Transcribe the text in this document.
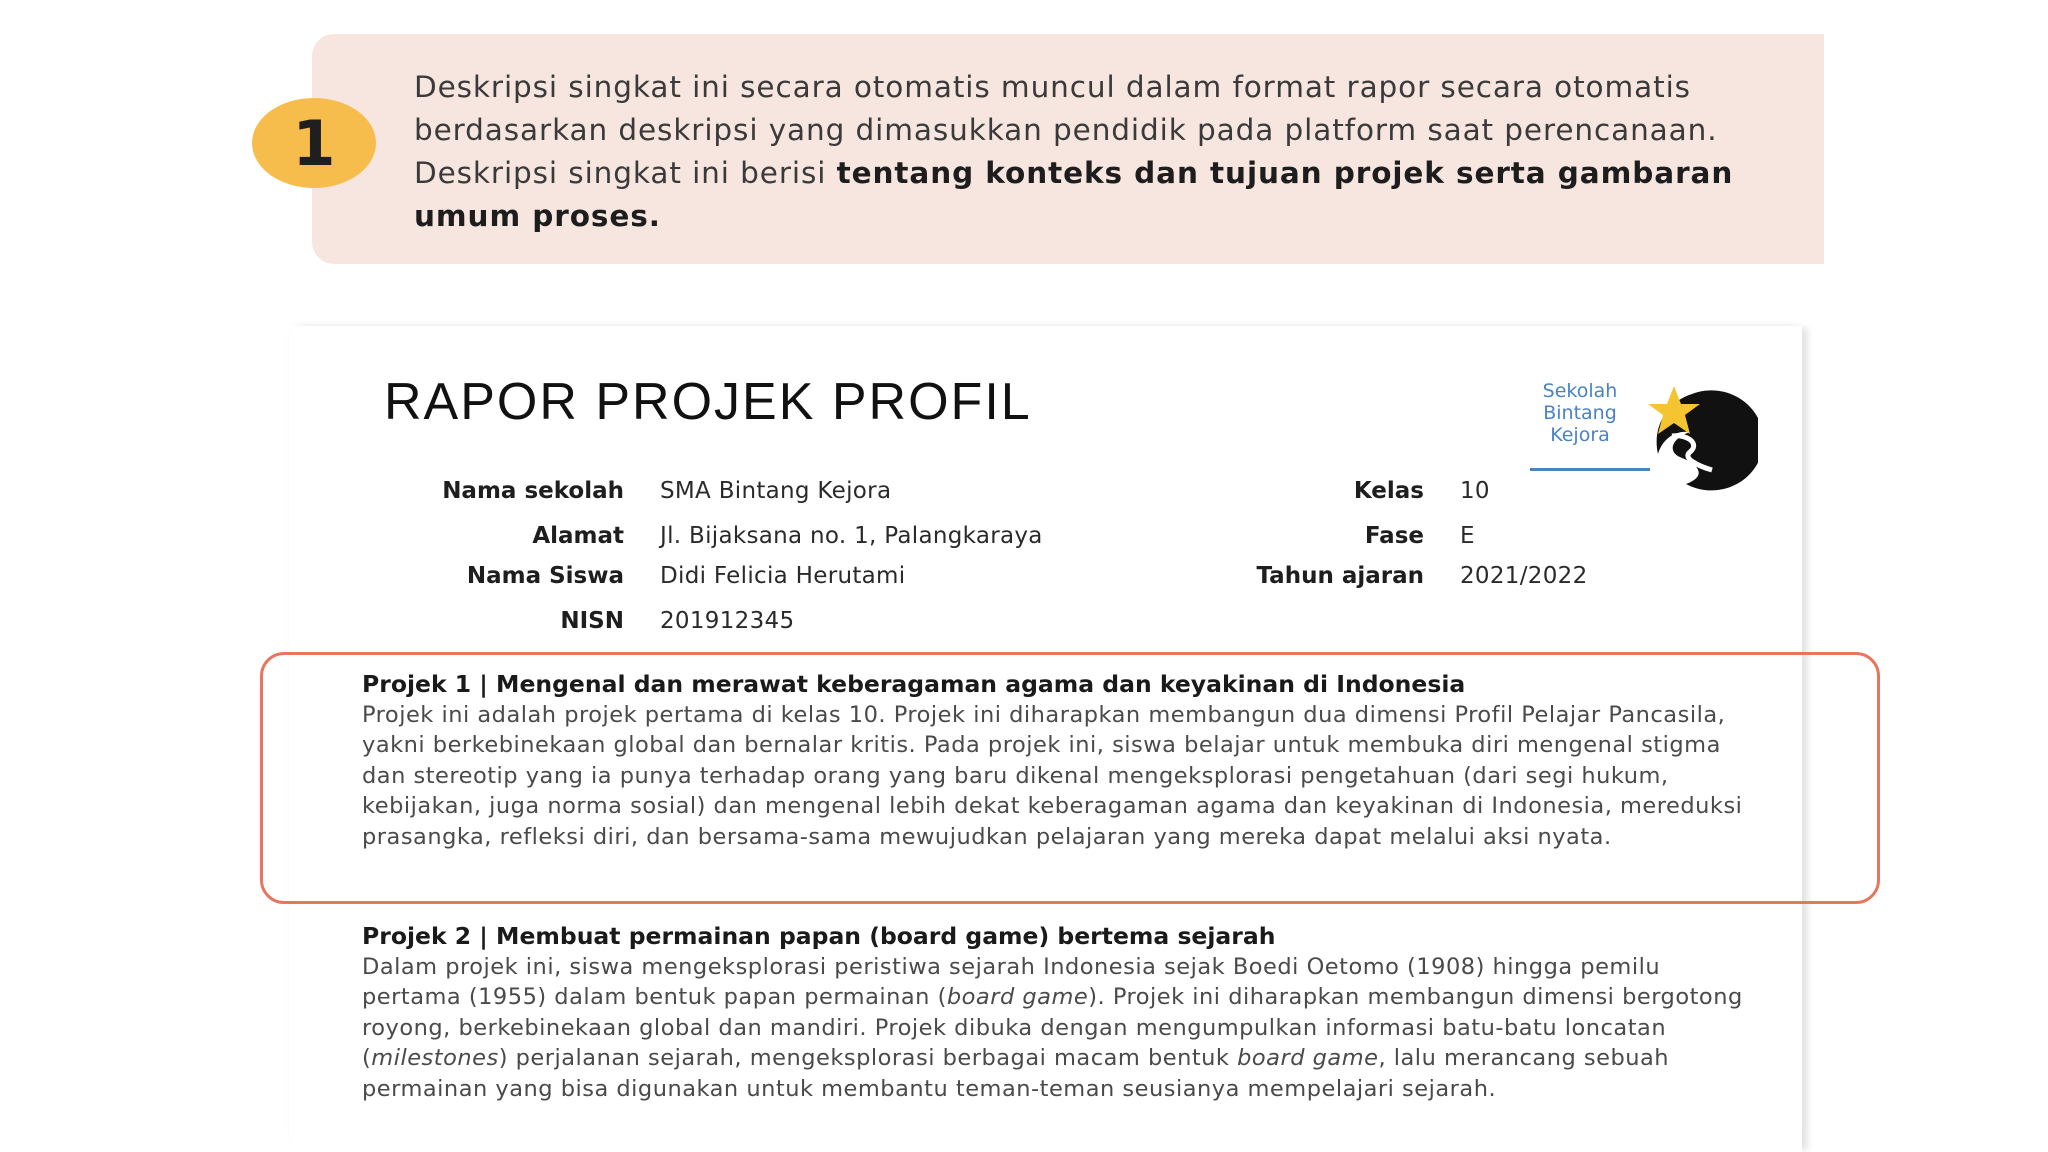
1
Deskripsi singkat ini secara otomatis muncul dalam format rapor secara otomatis berdasarkan deskripsi yang dimasukkan pendidik pada platform saat perencanaan. Deskripsi singkat ini berisi tentang konteks dan tujuan projek serta gambaran umum proses.
RAPOR PROJEK PROFIL	Sekolah
Bintang
Kejora
Nama sekolah SMA Bintang Kejora
Alamat Jl. Bijaksana no. 1, Palangkaraya
Nama Siswa Didi Felicia Herutami
NISN 201912345
Kelas 10
Fase E
Tahun ajaran 2021/2022
Projek 1 | Mengenal dan merawat keberagaman agama dan keyakinan di Indonesia

Projek ini adalah projek pertama di kelas 10. Projek ini diharapkan membangun dua dimensi Profil Pelajar Pancasila, yakni berkebinekaan global dan bernalar kritis. Pada projek ini, siswa belajar untuk membuka diri mengenal stigma dan stereotip yang ia punya terhadap orang yang baru dikenal mengeksplorasi pengetahuan (dari segi hukum, kebijakan, juga norma sosial) dan mengenal lebih dekat keberagaman agama dan keyakinan di Indonesia, mereduksi prasangka, refleksi diri, dan bersama-sama mewujudkan pelajaran yang mereka dapat melalui aksi nyata.

Projek 2 | Membuat permainan papan (board game) bertema sejarah

Dalam projek ini, siswa mengeksplorasi peristiwa sejarah Indonesia sejak Boedi Oetomo (1908) hingga pemilu pertama (1955) dalam bentuk papan permainan (board game). Projek ini diharapkan membangun dimensi bergotong royong, berkebinekaan global dan mandiri. Projek dibuka dengan mengumpulkan informasi batu-batu loncatan (milestones) perjalanan sejarah, mengeksplorasi berbagai macam bentuk board game, lalu merancang sebuah permainan yang bisa digunakan untuk membantu teman-teman seusianya mempelajari sejarah.
